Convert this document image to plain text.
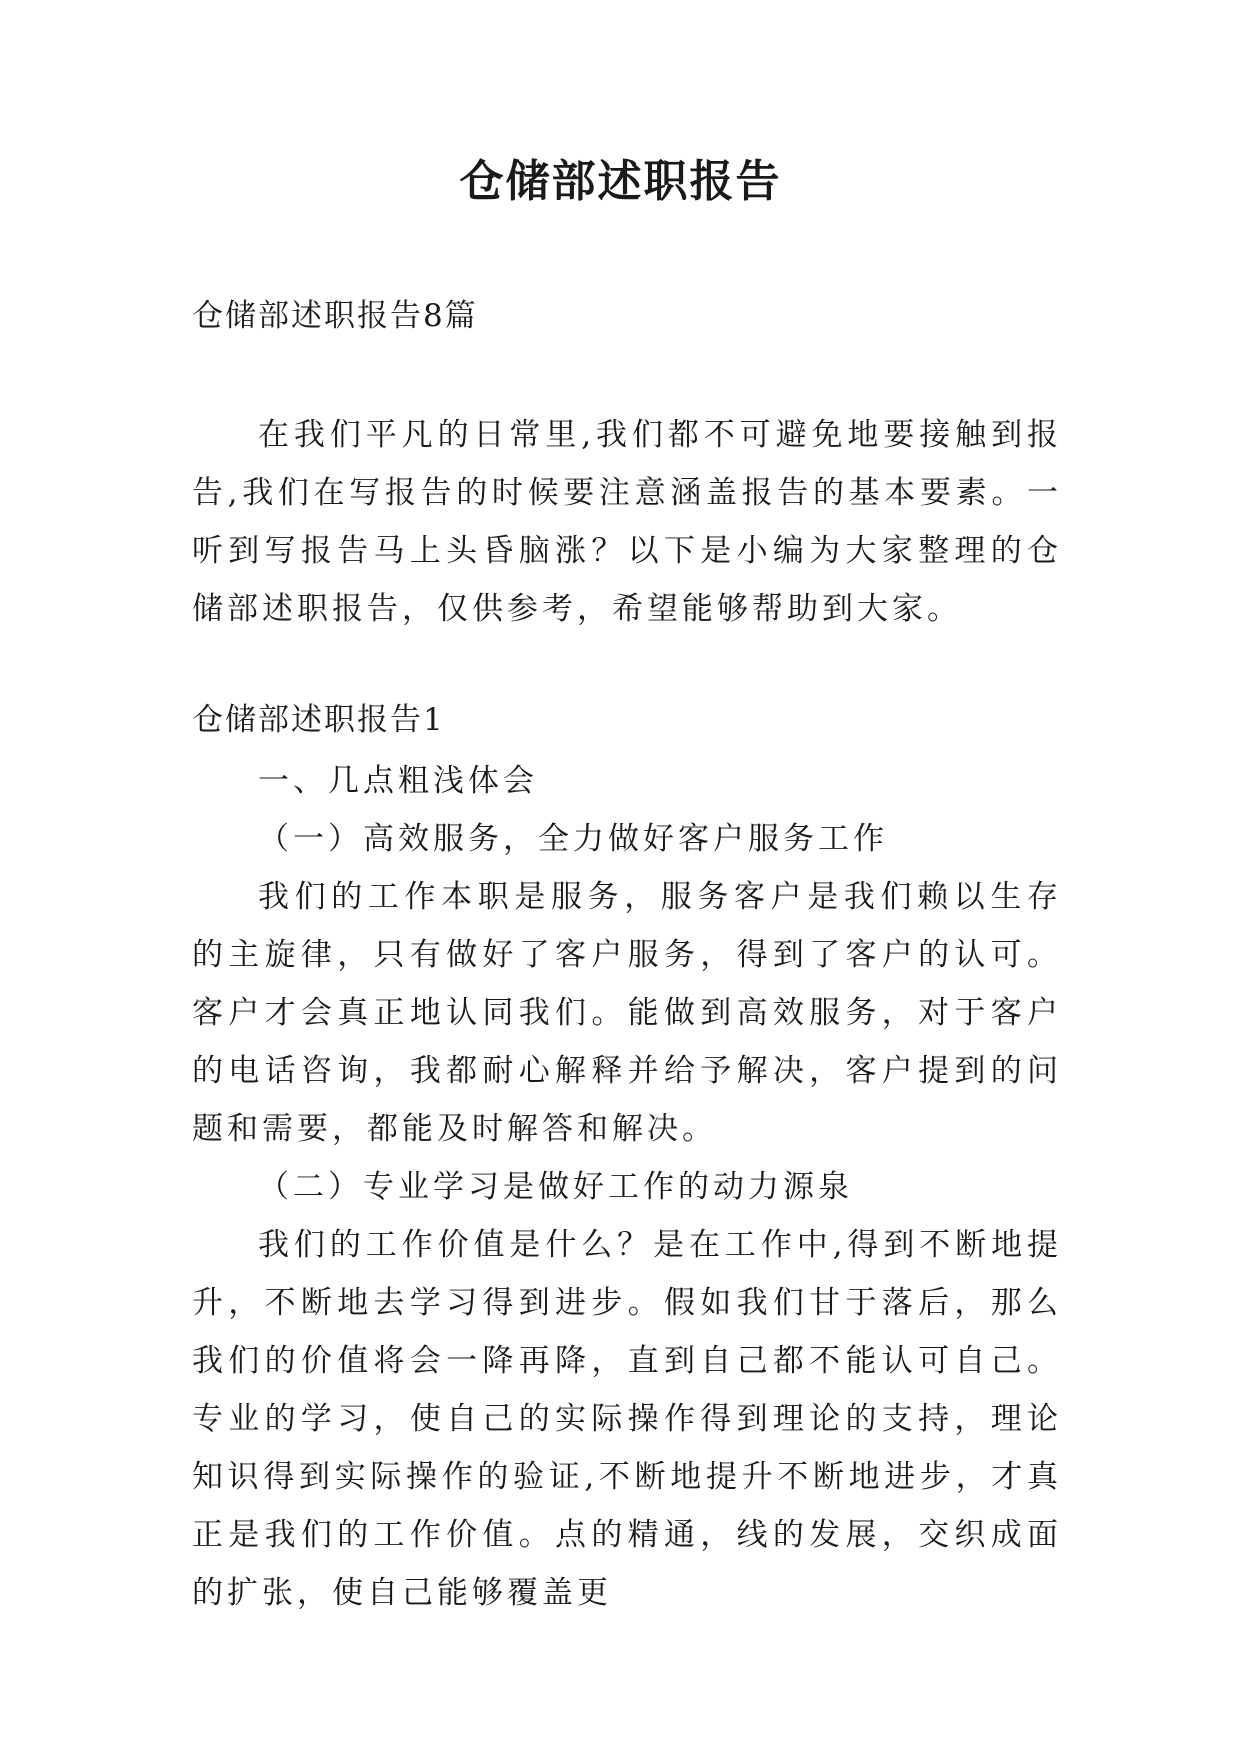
仓储部述职报告
仓储部述职报告8篇

在我们平凡的日常里,我们都不可避免地要接触到报告,我们在写报告的时候要注意涵盖报告的基本要素。一听到写报告马上头昏脑涨？以下是小编为大家整理的仓储部述职报告，仅供参考，希望能够帮助到大家。

仓储部述职报告1

一、几点粗浅体会

（一）高效服务，全力做好客户服务工作

我们的工作本职是服务，服务客户是我们赖以生存的主旋律，只有做好了客户服务，得到了客户的认可。客户才会真正地认同我们。能做到高效服务，对于客户的电话咨询，我都耐心解释并给予解决，客户提到的问题和需要，都能及时解答和解决。

（二）专业学习是做好工作的动力源泉

我们的工作价值是什么？是在工作中,得到不断地提升，不断地去学习得到进步。假如我们甘于落后，那么我们的价值将会一降再降，直到自己都不能认可自己。专业的学习，使自己的实际操作得到理论的支持，理论知识得到实际操作的验证,不断地提升不断地进步，才真正是我们的工作价值。点的精通，线的发展，交织成面的扩张，使自己能够覆盖更
